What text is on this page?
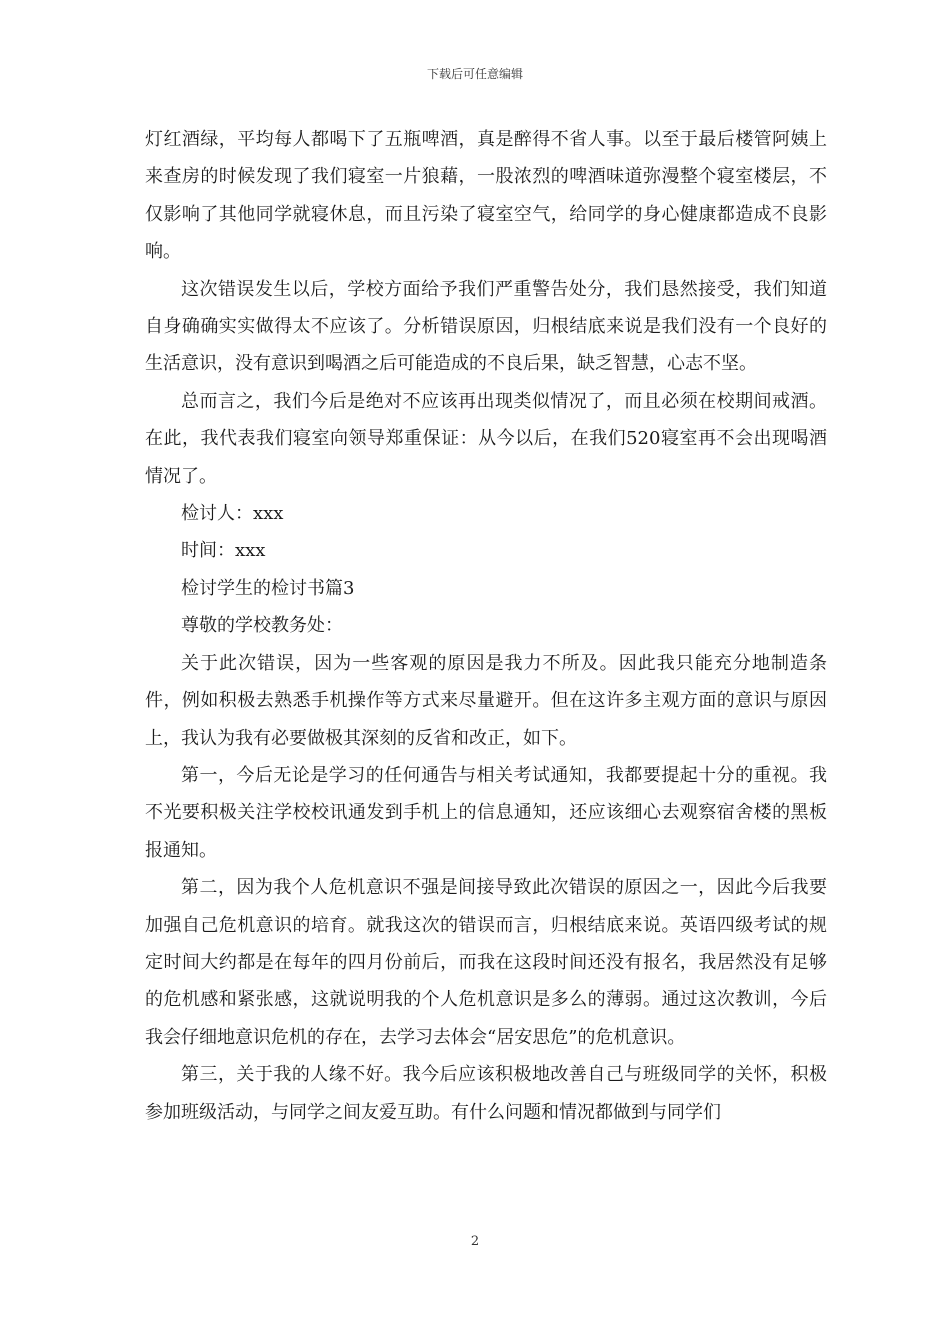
下载后可任意编辑

灯红酒绿，平均每人都喝下了五瓶啤酒，真是醉得不省人事。以至于最后楼管阿姨上来查房的时候发现了我们寝室一片狼藉，一股浓烈的啤酒味道弥漫整个寝室楼层，不仅影响了其他同学就寝休息，而且污染了寝室空气，给同学的身心健康都造成不良影响。

这次错误发生以后，学校方面给予我们严重警告处分，我们恳然接受，我们知道自身确确实实做得太不应该了。分析错误原因，归根结底来说是我们没有一个良好的生活意识，没有意识到喝酒之后可能造成的不良后果，缺乏智慧，心志不坚。

总而言之，我们今后是绝对不应该再出现类似情况了，而且必须在校期间戒酒。在此，我代表我们寝室向领导郑重保证：从今以后，在我们520寝室再不会出现喝酒情况了。

检讨人：xxx

时间：xxx

检讨学生的检讨书篇3

尊敬的学校教务处：

关于此次错误，因为一些客观的原因是我力不所及。因此我只能充分地制造条件，例如积极去熟悉手机操作等方式来尽量避开。但在这许多主观方面的意识与原因上，我认为我有必要做极其深刻的反省和改正，如下。

第一，今后无论是学习的任何通告与相关考试通知，我都要提起十分的重视。我不光要积极关注学校校讯通发到手机上的信息通知，还应该细心去观察宿舍楼的黑板报通知。

第二，因为我个人危机意识不强是间接导致此次错误的原因之一，因此今后我要加强自己危机意识的培育。就我这次的错误而言，归根结底来说。英语四级考试的规定时间大约都是在每年的四月份前后，而我在这段时间还没有报名，我居然没有足够的危机感和紧张感，这就说明我的个人危机意识是多么的薄弱。通过这次教训，今后我会仔细地意识危机的存在，去学习去体会“居安思危”的危机意识。

第三，关于我的人缘不好。我今后应该积极地改善自己与班级同学的关怀，积极参加班级活动，与同学之间友爱互助。有什么问题和情况都做到与同学们

2
